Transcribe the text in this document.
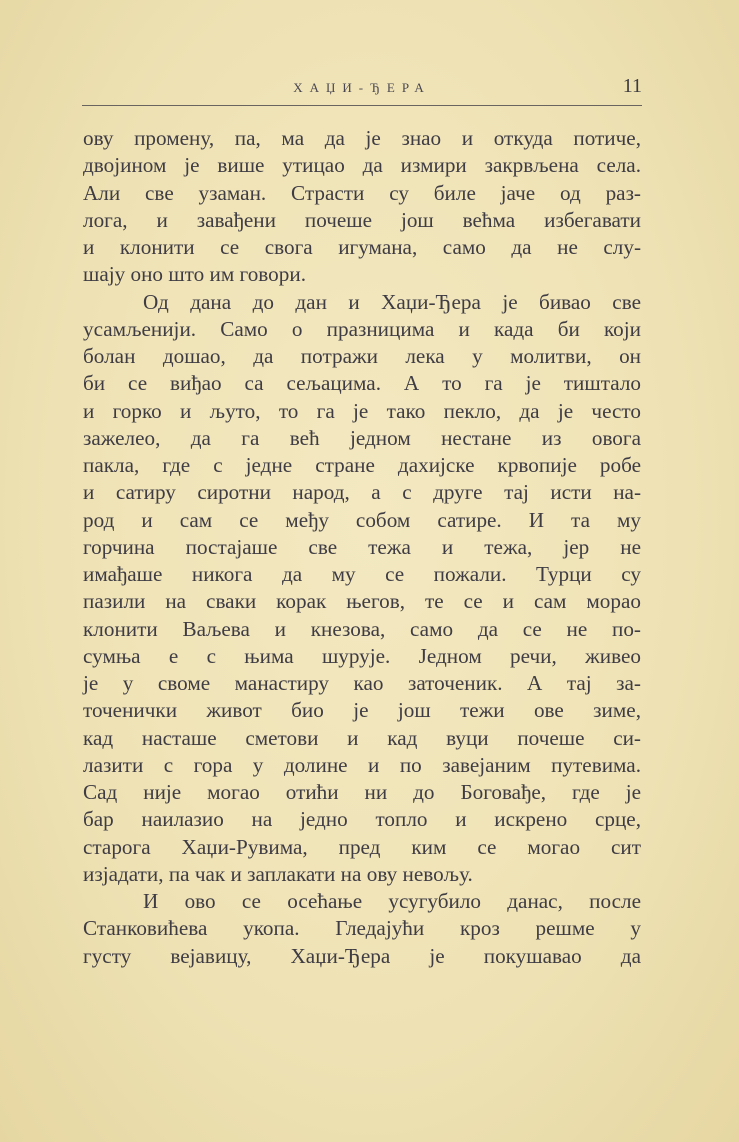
ХАЏИ-ЂЕРА	11
ову промену, па, ма да је знао и откуда потиче,
двојином је више утицао да измири закрвљена села.
Али све узаман. Страсти су биле јаче од раз-
лога, и завађени почеше још већма избегавати
и клонити се свога игумана, само да не слу-
шају оно што им говори.
Од дана до дан и Хаџи-Ђера је бивао све
усамљенији. Само о празницима и када би који
болан дошао, да потражи лека у молитви, он
би се виђао са сељацима. А то га је тиштало
и горко и љуто, то га је тако пекло, да је често
зажелео, да га већ једном нестане из овога
пакла, где с једне стране дахијске крвопије робе
и сатиру сиротни народ, а с друге тај исти на-
род и сам се међу собом сатире. И та му
горчина постајаше све тежа и тежа, јер не
имађаше никога да му се пожали. Турци су
пазили на сваки корак његов, те се и сам морао
клонити Ваљева и кнезова, само да се не по-
сумња е с њима шурује. Једном речи, живео
је у своме манастиру као заточеник. А тај за-
точенички живот био је још тежи ове зиме,
кад насташе сметови и кад вуци почеше си-
лазити с гора у долине и по завејаним путевима.
Сад није могао отићи ни до Боговађе, где је
бар наилазио на једно топло и искрено срце,
старога Хаџи-Рувима, пред ким се могао сит
изјадати, па чак и заплакати на ову невољу.
И ово се осећање усугубило данас, после
Станковићева укопа. Гледајући кроз решме у
густу вејавицу, Хаџи-Ђера је покушавао да
